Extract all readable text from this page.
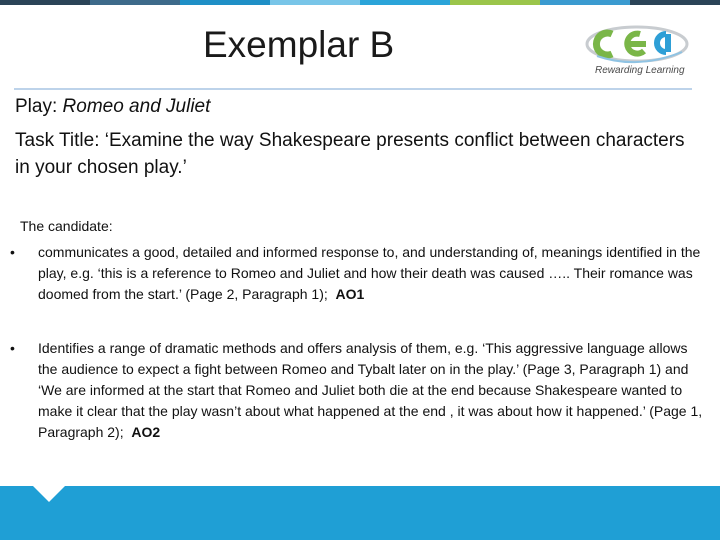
Exemplar B
Rewarding Learning
Play: Romeo and Juliet
Task Title: ‘Examine the way Shakespeare presents conflict between characters in your chosen play.’
The candidate:
•	communicates a good, detailed and informed response to, and understanding of, meanings identified in the play, e.g. ‘this is a reference to Romeo and Juliet and how their death was caused ….. Their romance was doomed from the start.’ (Page 2, Paragraph 1); AO1
•	Identifies a range of dramatic methods and offers analysis of them, e.g. ‘This aggressive language allows the audience to expect a fight between Romeo and Tybalt later on in the play.’ (Page 3, Paragraph 1) and ‘We are informed at the start that Romeo and Juliet both die at the end because Shakespeare wanted to make it clear that the play wasn’t about what happened at the end , it was about how it happened.’ (Page 1, Paragraph 2); AO2
